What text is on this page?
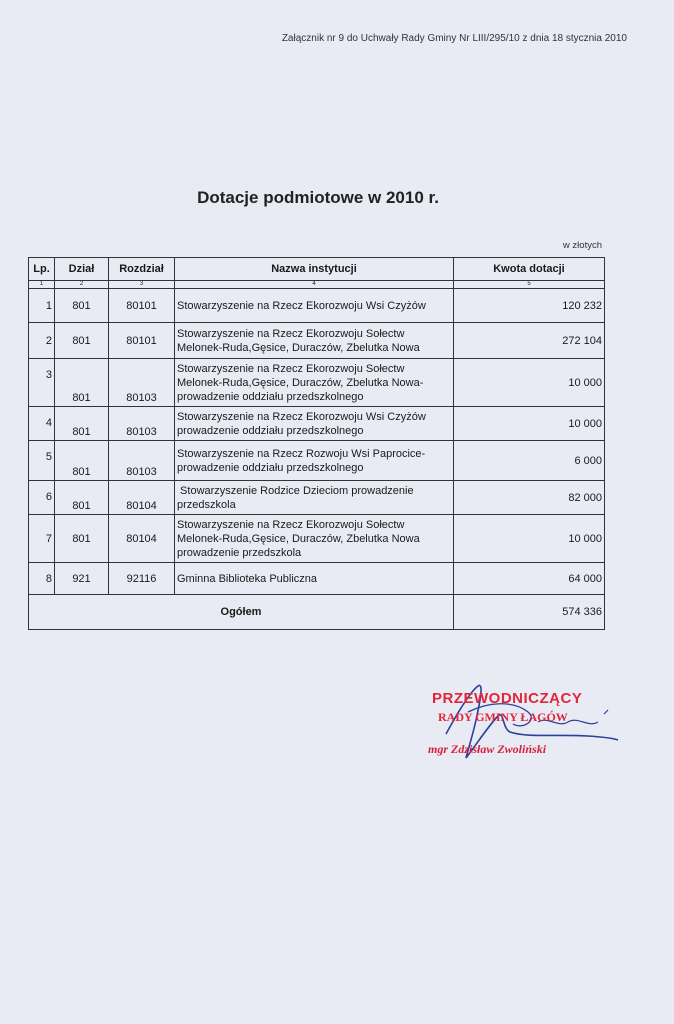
Załącznik nr 9 do Uchwały Rady Gminy Nr LIII/295/10 z dnia 18 stycznia 2010
Dotacje podmiotowe w 2010 r.
w złotych
Lp.	Dział	Rozdział	Nazwa instytucji	Kwota dotacji
1	2	3	4	5
1	801	80101	Stowarzyszenie na Rzecz Ekorozwoju Wsi Czyżów	120 232
2	801	80101	Stowarzyszenie na Rzecz Ekorozwoju Sołectw
Melonek-Ruda,Gęsice, Duraczów, Zbelutka Nowa	272 104
3	801	80103	Stowarzyszenie na Rzecz Ekorozwoju Sołectw
Melonek-Ruda,Gęsice, Duraczów, Zbelutka Nowa-
prowadzenie oddziału przedszkolnego	10 000
4	801	80103	Stowarzyszenie na Rzecz Ekorozwoju Wsi Czyżów
prowadzenie oddziału przedszkolnego	10 000
5	801	80103	Stowarzyszenie na Rzecz Rozwoju Wsi Paprocice-
prowadzenie oddziału przedszkolnego	6 000
6	801	80104	Stowarzyszenie Rodzice Dzieciom prowadzenie
przedszkola	82 000
7	801	80104	Stowarzyszenie na Rzecz Ekorozwoju Sołectw
Melonek-Ruda,Gęsice, Duraczów, Zbelutka Nowa
prowadzenie przedszkola	10 000
8	921	92116	Gminna Biblioteka Publiczna	64 000
Ogółem				574 336
PRZEWODNICZĄCY
RADY GMINY ŁAGÓW
mgr Zdzisław Zwoliński
